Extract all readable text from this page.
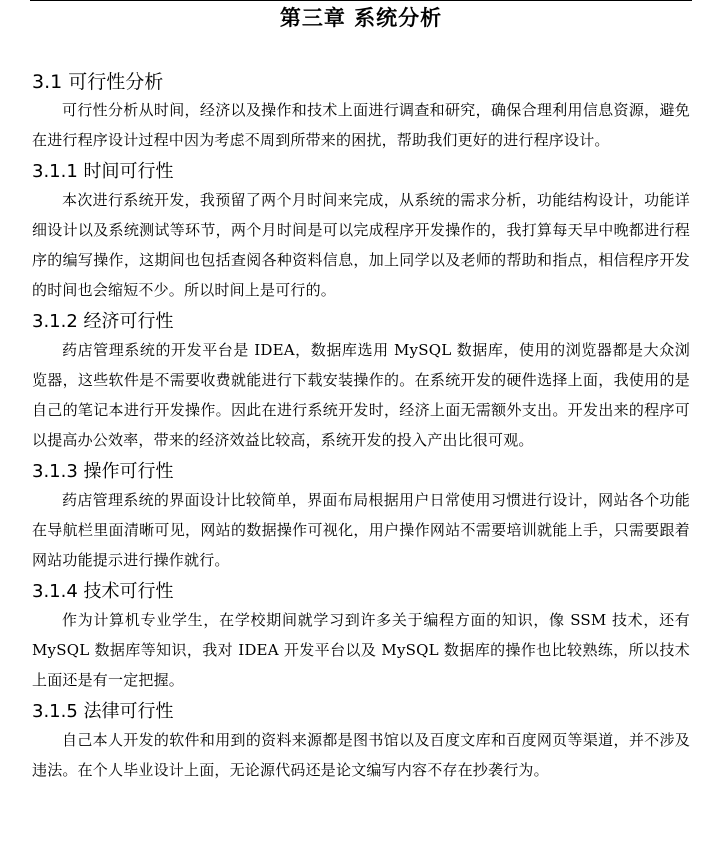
第三章 系统分析
3.1 可行性分析

可行性分析从时间，经济以及操作和技术上面进行调查和研究，确保合理利用信息资源，避免在进行程序设计过程中因为考虑不周到所带来的困扰，帮助我们更好的进行程序设计。

3.1.1 时间可行性

本次进行系统开发，我预留了两个月时间来完成，从系统的需求分析，功能结构设计，功能详细设计以及系统测试等环节，两个月时间是可以完成程序开发操作的，我打算每天早中晚都进行程序的编写操作，这期间也包括查阅各种资料信息，加上同学以及老师的帮助和指点，相信程序开发的时间也会缩短不少。所以时间上是可行的。

3.1.2 经济可行性

药店管理系统的开发平台是 IDEA，数据库选用 MySQL 数据库，使用的浏览器都是大众浏览器，这些软件是不需要收费就能进行下载安装操作的。在系统开发的硬件选择上面，我使用的是自己的笔记本进行开发操作。因此在进行系统开发时，经济上面无需额外支出。开发出来的程序可以提高办公效率，带来的经济效益比较高，系统开发的投入产出比很可观。

3.1.3 操作可行性

药店管理系统的界面设计比较简单，界面布局根据用户日常使用习惯进行设计，网站各个功能在导航栏里面清晰可见，网站的数据操作可视化，用户操作网站不需要培训就能上手，只需要跟着网站功能提示进行操作就行。

3.1.4 技术可行性

作为计算机专业学生，在学校期间就学习到许多关于编程方面的知识，像 SSM 技术，还有 MySQL 数据库等知识，我对 IDEA 开发平台以及 MySQL 数据库的操作也比较熟练，所以技术上面还是有一定把握。

3.1.5 法律可行性

自己本人开发的软件和用到的资料来源都是图书馆以及百度文库和百度网页等渠道，并不涉及违法。在个人毕业设计上面，无论源代码还是论文编写内容不存在抄袭行为。
